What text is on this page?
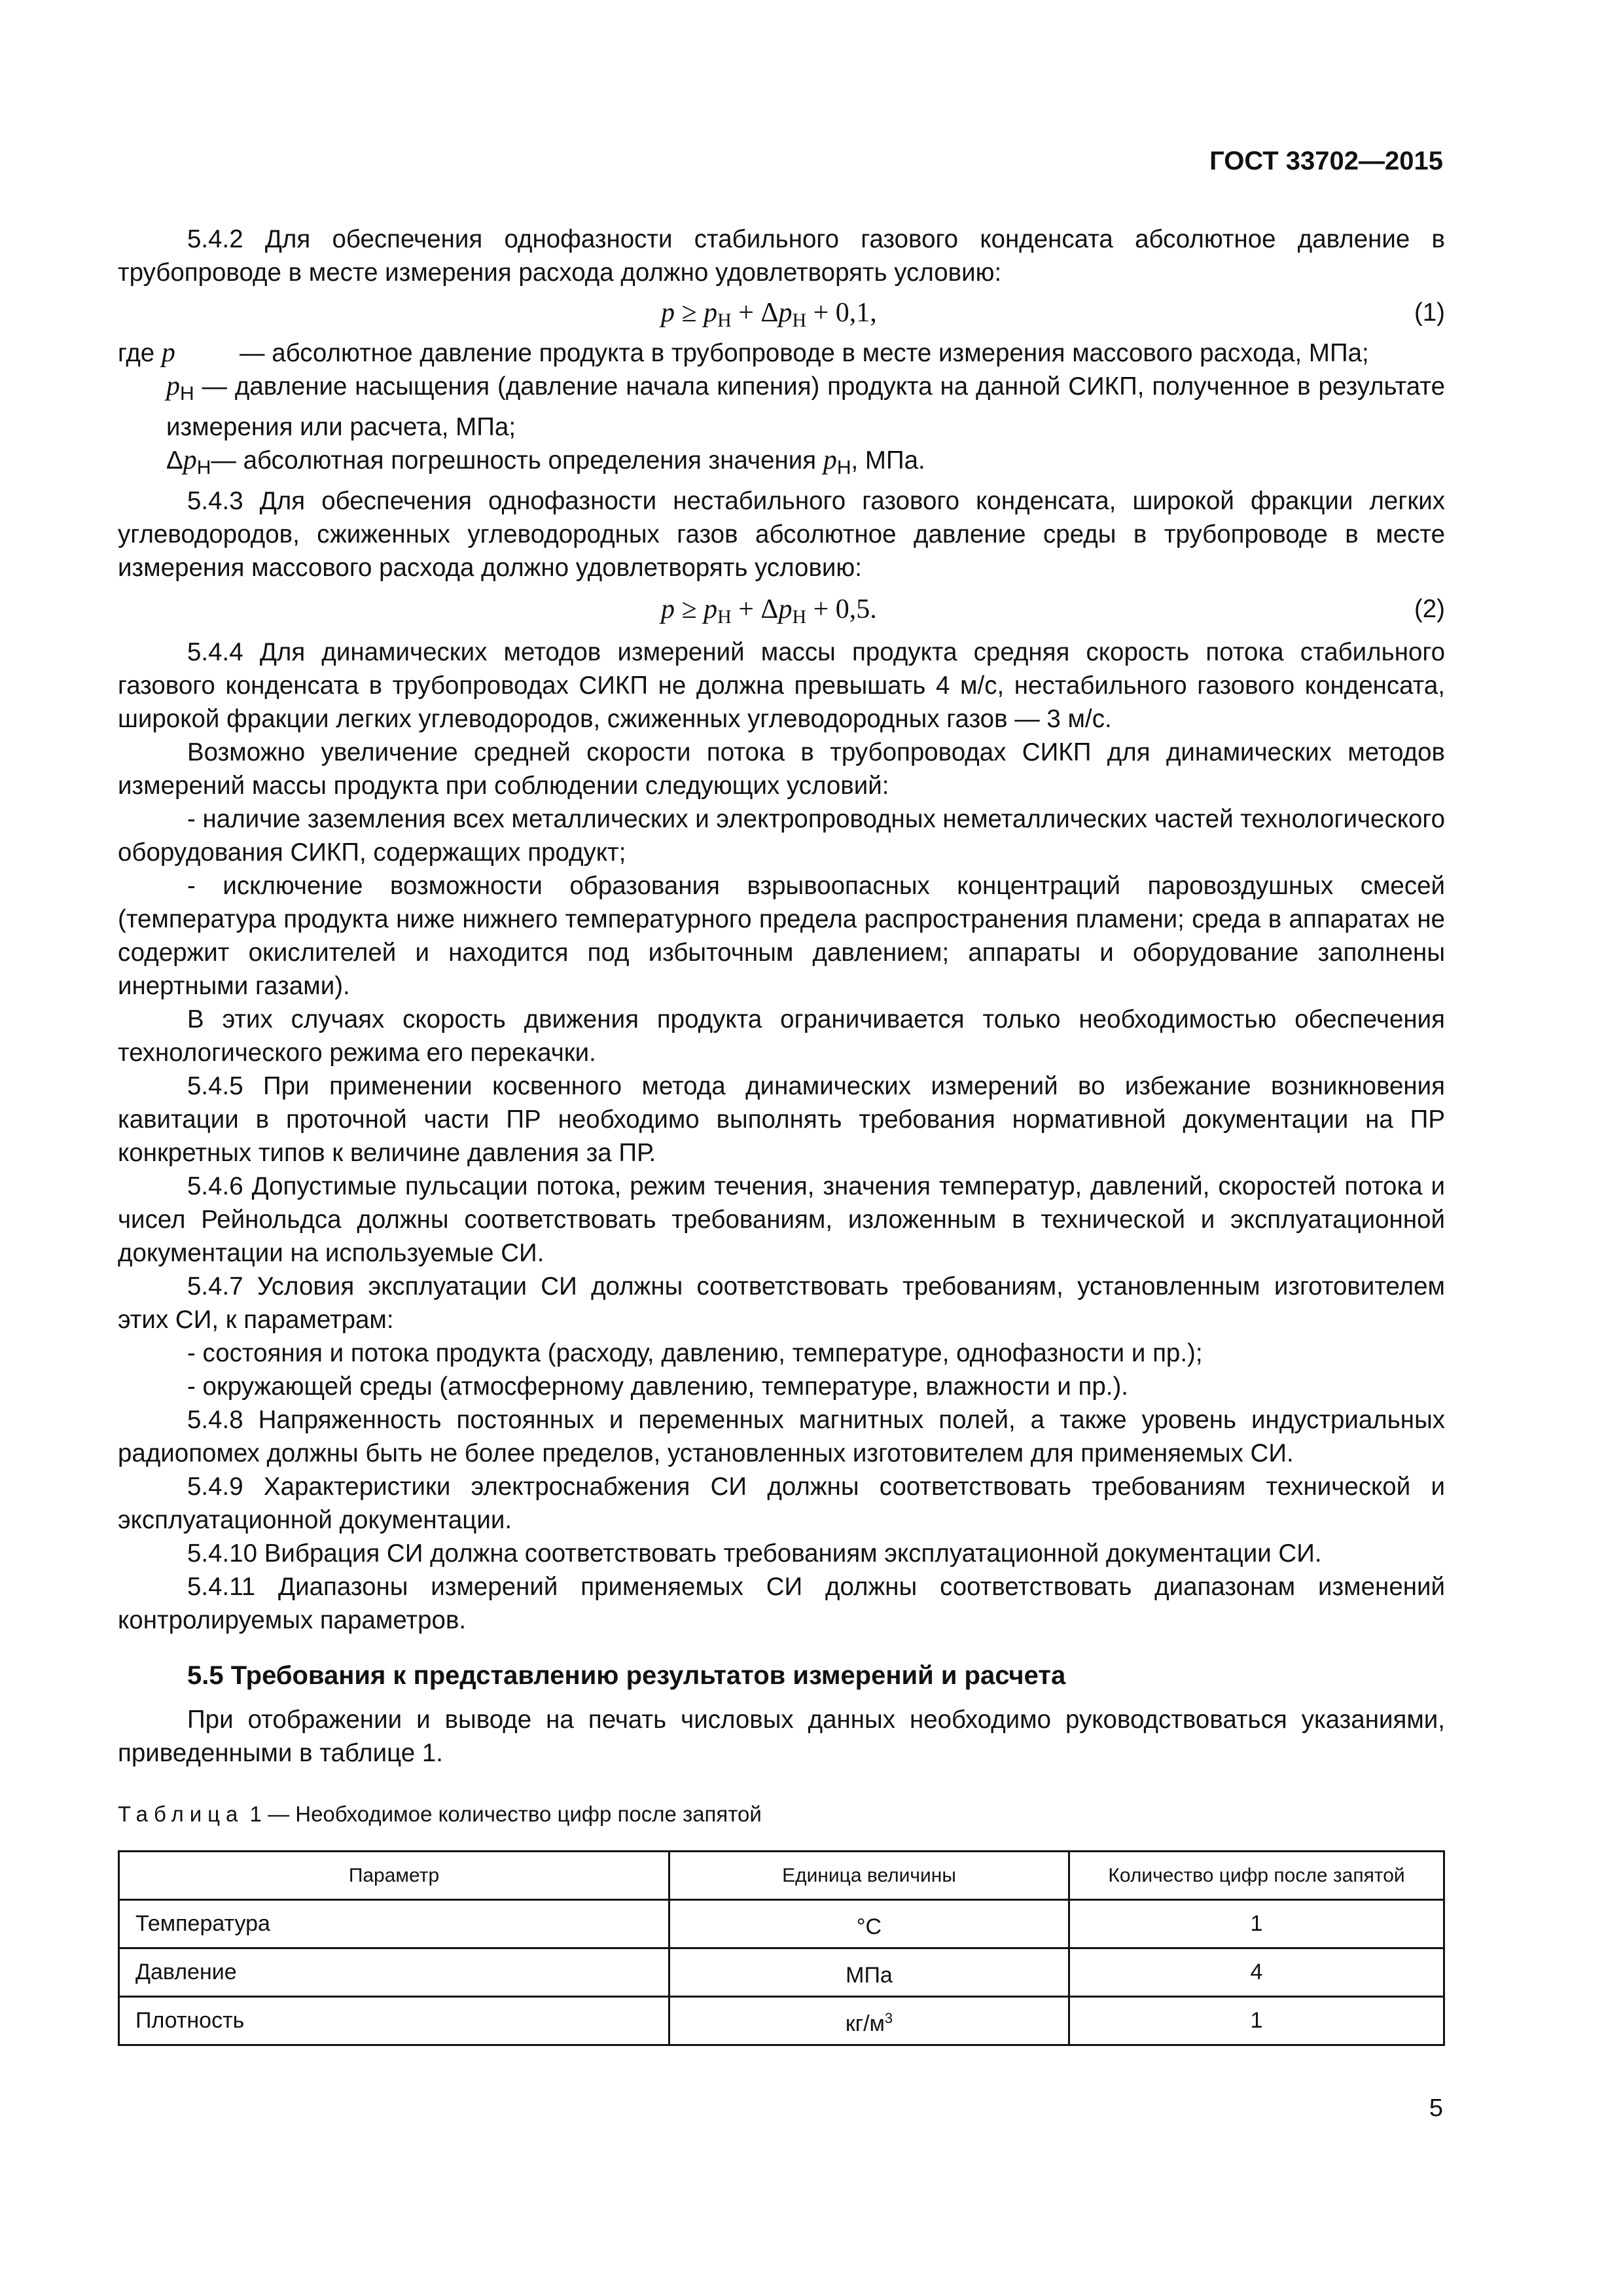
ГОСТ 33702—2015

5.4.2 Для обеспечения однофазности стабильного газового конденсата абсолютное давление в трубопроводе в месте измерения расхода должно удовлетворять условию:

$p \ge p_Н + \Delta p_Н + 0,1$,	(1)
где p	— абсолютное давление продукта в трубопроводе в месте измерения массового расхода, МПа;

$p_Н$ — давление насыщения (давление начала кипения) продукта на данной СИКП, полученное в результате измерения или расчета, МПа;

$\Delta p_Н—$ абсолютная погрешность определения значения $p_Н$, МПа.

5.4.3 Для обеспечения однофазности нестабильного газового конденсата, широкой фракции легких углеводородов, сжиженных углеводородных газов абсолютное давление среды в трубопроводе в месте измерения массового расхода должно удовлетворять условию:

$p \ge p_Н + \Delta p_Н + 0,5$.	(2)

5.4.4 Для динамических методов измерений массы продукта средняя скорость потока стабильного газового конденсата в трубопроводах СИКП не должна превышать 4 м/с, нестабильного газового конденсата, широкой фракции легких углеводородов, сжиженных углеводородных газов — 3 м/с.

Возможно увеличение средней скорости потока в трубопроводах СИКП для динамических методов измерений массы продукта при соблюдении следующих условий:

- наличие заземления всех металлических и электропроводных неметаллических частей технологического оборудования СИКП, содержащих продукт;

- исключение возможности образования взрывоопасных концентраций паровоздушных смесей (температура продукта ниже нижнего температурного предела распространения пламени; среда в аппаратах не содержит окислителей и находится под избыточным давлением; аппараты и оборудование заполнены инертными газами).

В этих случаях скорость движения продукта ограничивается только необходимостью обеспечения технологического режима его перекачки.

5.4.5 При применении косвенного метода динамических измерений во избежание возникновения кавитации в проточной части ПР необходимо выполнять требования нормативной документации на ПР конкретных типов к величине давления за ПР.

5.4.6 Допустимые пульсации потока, режим течения, значения температур, давлений, скоростей потока и чисел Рейнольдса должны соответствовать требованиям, изложенным в технической и эксплуатационной документации на используемые СИ.

5.4.7 Условия эксплуатации СИ должны соответствовать требованиям, установленным изготовителем этих СИ, к параметрам:

- состояния и потока продукта (расходу, давлению, температуре, однофазности и пр.);

- окружающей среды (атмосферному давлению, температуре, влажности и пр.).

5.4.8 Напряженность постоянных и переменных магнитных полей, а также уровень индустриальных радиопомех должны быть не более пределов, установленных изготовителем для применяемых СИ.

5.4.9 Характеристики электроснабжения СИ должны соответствовать требованиям технической и эксплуатационной документации.

5.4.10 Вибрация СИ должна соответствовать требованиям эксплуатационной документации СИ.

5.4.11 Диапазоны измерений применяемых СИ должны соответствовать диапазонам изменений контролируемых параметров.

5.5 Требования к представлению результатов измерений и расчета

При отображении и выводе на печать числовых данных необходимо руководствоваться указаниями, приведенными в таблице 1.

Таблица 1 — Необходимое количество цифр после запятой

Параметр	Единица величины	Количество цифр после запятой
Температура	°C	1
Давление	МПа	4
Плотность	$кг/м^3$	1
5
